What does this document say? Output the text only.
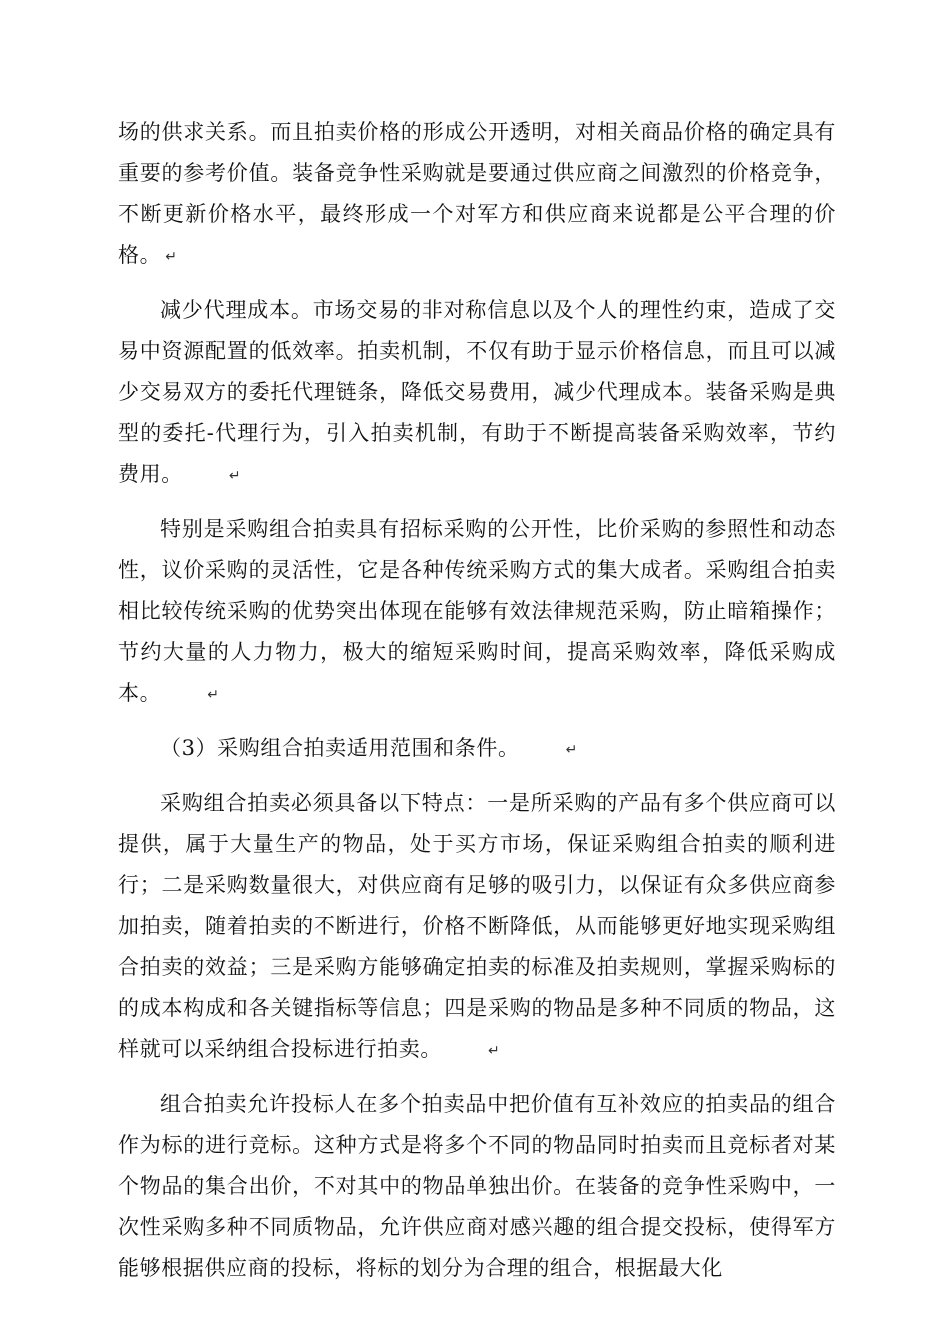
场的供求关系。而且拍卖价格的形成公开透明，对相关商品价格的确定具有重要的参考价值。装备竞争性采购就是要通过供应商之间激烈的价格竞争，不断更新价格水平，最终形成一个对军方和供应商来说都是公平合理的价格。 ↵

减少代理成本。市场交易的非对称信息以及个人的理性约束，造成了交易中资源配置的低效率。拍卖机制，不仅有助于显示价格信息，而且可以减少交易双方的委托代理链条，降低交易费用，减少代理成本。装备采购是典型的委托-代理行为，引入拍卖机制，有助于不断提高装备采购效率，节约费用。	↵

特别是采购组合拍卖具有招标采购的公开性，比价采购的参照性和动态性，议价采购的灵活性，它是各种传统采购方式的集大成者。采购组合拍卖相比较传统采购的优势突出体现在能够有效法律规范采购，防止暗箱操作；节约大量的人力物力，极大的缩短采购时间，提高采购效率，降低采购成本。	↵

（3）采购组合拍卖适用范围和条件。	↵

采购组合拍卖必须具备以下特点：一是所采购的产品有多个供应商可以提供，属于大量生产的物品，处于买方市场，保证采购组合拍卖的顺利进行；二是采购数量很大，对供应商有足够的吸引力，以保证有众多供应商参加拍卖，随着拍卖的不断进行，价格不断降低，从而能够更好地实现采购组合拍卖的效益；三是采购方能够确定拍卖的标准及拍卖规则，掌握采购标的的成本构成和各关键指标等信息；四是采购的物品是多种不同质的物品，这样就可以采纳组合投标进行拍卖。	↵

组合拍卖允许投标人在多个拍卖品中把价值有互补效应的拍卖品的组合作为标的进行竞标。这种方式是将多个不同的物品同时拍卖而且竞标者对某个物品的集合出价，不对其中的物品单独出价。在装备的竞争性采购中，一次性采购多种不同质物品，允许供应商对感兴趣的组合提交投标，使得军方能够根据供应商的投标，将标的划分为合理的组合，根据最大化
